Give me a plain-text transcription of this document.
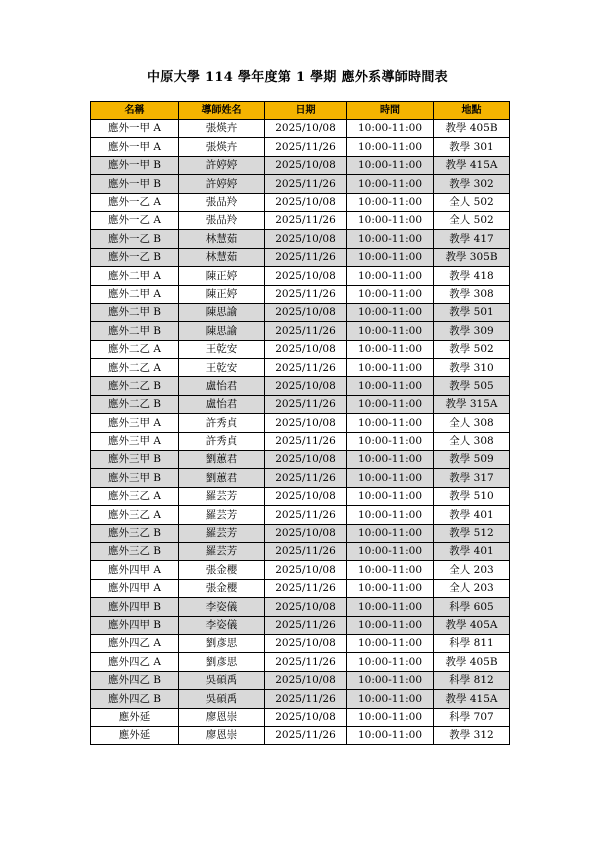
中原大學 114 學年度第 1 學期 應外系導師時間表
名稱	導師姓名	日期	時間	地點
應外一甲 A	張煐卉	2025/10/08	10:00-11:00	教學 405B
應外一甲 A	張煐卉	2025/11/26	10:00-11:00	教學 301
應外一甲 B	許婷婷	2025/10/08	10:00-11:00	教學 415A
應外一甲 B	許婷婷	2025/11/26	10:00-11:00	教學 302
應外一乙 A	張品羚	2025/10/08	10:00-11:00	全人 502
應外一乙 A	張品羚	2025/11/26	10:00-11:00	全人 502
應外一乙 B	林慧茹	2025/10/08	10:00-11:00	教學 417
應外一乙 B	林慧茹	2025/11/26	10:00-11:00	教學 305B
應外二甲 A	陳正婷	2025/10/08	10:00-11:00	教學 418
應外二甲 A	陳正婷	2025/11/26	10:00-11:00	教學 308
應外二甲 B	陳思諭	2025/10/08	10:00-11:00	教學 501
應外二甲 B	陳思諭	2025/11/26	10:00-11:00	教學 309
應外二乙 A	王乾安	2025/10/08	10:00-11:00	教學 502
應外二乙 A	王乾安	2025/11/26	10:00-11:00	教學 310
應外二乙 B	盧怡君	2025/10/08	10:00-11:00	教學 505
應外二乙 B	盧怡君	2025/11/26	10:00-11:00	教學 315A
應外三甲 A	許秀貞	2025/10/08	10:00-11:00	全人 308
應外三甲 A	許秀貞	2025/11/26	10:00-11:00	全人 308
應外三甲 B	劉蕙君	2025/10/08	10:00-11:00	教學 509
應外三甲 B	劉蕙君	2025/11/26	10:00-11:00	教學 317
應外三乙 A	羅芸芳	2025/10/08	10:00-11:00	教學 510
應外三乙 A	羅芸芳	2025/11/26	10:00-11:00	教學 401
應外三乙 B	羅芸芳	2025/10/08	10:00-11:00	教學 512
應外三乙 B	羅芸芳	2025/11/26	10:00-11:00	教學 401
應外四甲 A	張金櫻	2025/10/08	10:00-11:00	全人 203
應外四甲 A	張金櫻	2025/11/26	10:00-11:00	全人 203
應外四甲 B	李姿儀	2025/10/08	10:00-11:00	科學 605
應外四甲 B	李姿儀	2025/11/26	10:00-11:00	教學 405A
應外四乙 A	劉彥思	2025/10/08	10:00-11:00	科學 811
應外四乙 A	劉彥思	2025/11/26	10:00-11:00	教學 405B
應外四乙 B	吳碩禹	2025/10/08	10:00-11:00	科學 812
應外四乙 B	吳碩禹	2025/11/26	10:00-11:00	教學 415A
應外延	廖恩崇	2025/10/08	10:00-11:00	科學 707
應外延	廖恩崇	2025/11/26	10:00-11:00	教學 312
